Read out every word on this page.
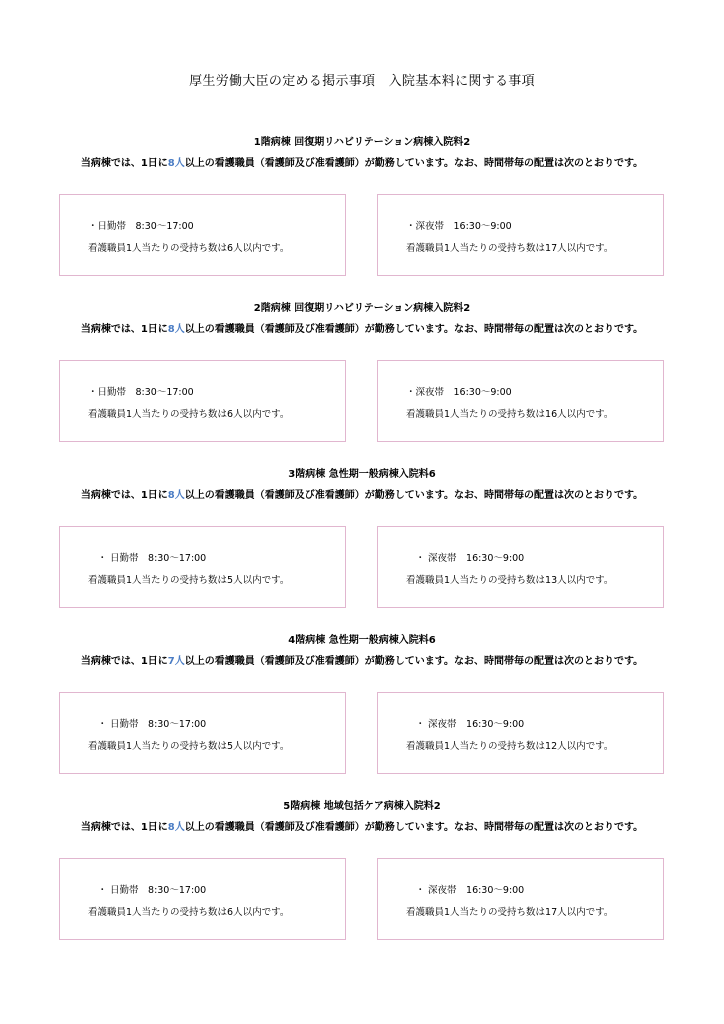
厚生労働大臣の定める掲示事項　入院基本料に関する事項
1階病棟 回復期リハビリテーション病棟入院料2
当病棟では、1日に8人以上の看護職員（看護師及び准看護師）が勤務しています。なお、時間帯毎の配置は次のとおりです。
・日勤帯　8:30～17:00
看護職員1人当たりの受持ち数は6人以内です。
・深夜帯　16:30～9:00
看護職員1人当たりの受持ち数は17人以内です。
2階病棟 回復期リハビリテーション病棟入院料2
当病棟では、1日に8人以上の看護職員（看護師及び准看護師）が勤務しています。なお、時間帯毎の配置は次のとおりです。
・日勤帯　8:30～17:00
看護職員1人当たりの受持ち数は6人以内です。
・深夜帯　16:30～9:00
看護職員1人当たりの受持ち数は16人以内です。
3階病棟 急性期一般病棟入院料6
当病棟では、1日に8人以上の看護職員（看護師及び准看護師）が勤務しています。なお、時間帯毎の配置は次のとおりです。
　・ 日勤帯　8:30～17:00
看護職員1人当たりの受持ち数は5人以内です。
　・ 深夜帯　16:30～9:00
看護職員1人当たりの受持ち数は13人以内です。
4階病棟 急性期一般病棟入院料6
当病棟では、1日に7人以上の看護職員（看護師及び准看護師）が勤務しています。なお、時間帯毎の配置は次のとおりです。
　・ 日勤帯　8:30～17:00
看護職員1人当たりの受持ち数は5人以内です。
　・ 深夜帯　16:30～9:00
看護職員1人当たりの受持ち数は12人以内です。
5階病棟 地域包括ケア病棟入院料2
当病棟では、1日に8人以上の看護職員（看護師及び准看護師）が勤務しています。なお、時間帯毎の配置は次のとおりです。
　・ 日勤帯　8:30～17:00
看護職員1人当たりの受持ち数は6人以内です。
　・ 深夜帯　16:30～9:00
看護職員1人当たりの受持ち数は17人以内です。
